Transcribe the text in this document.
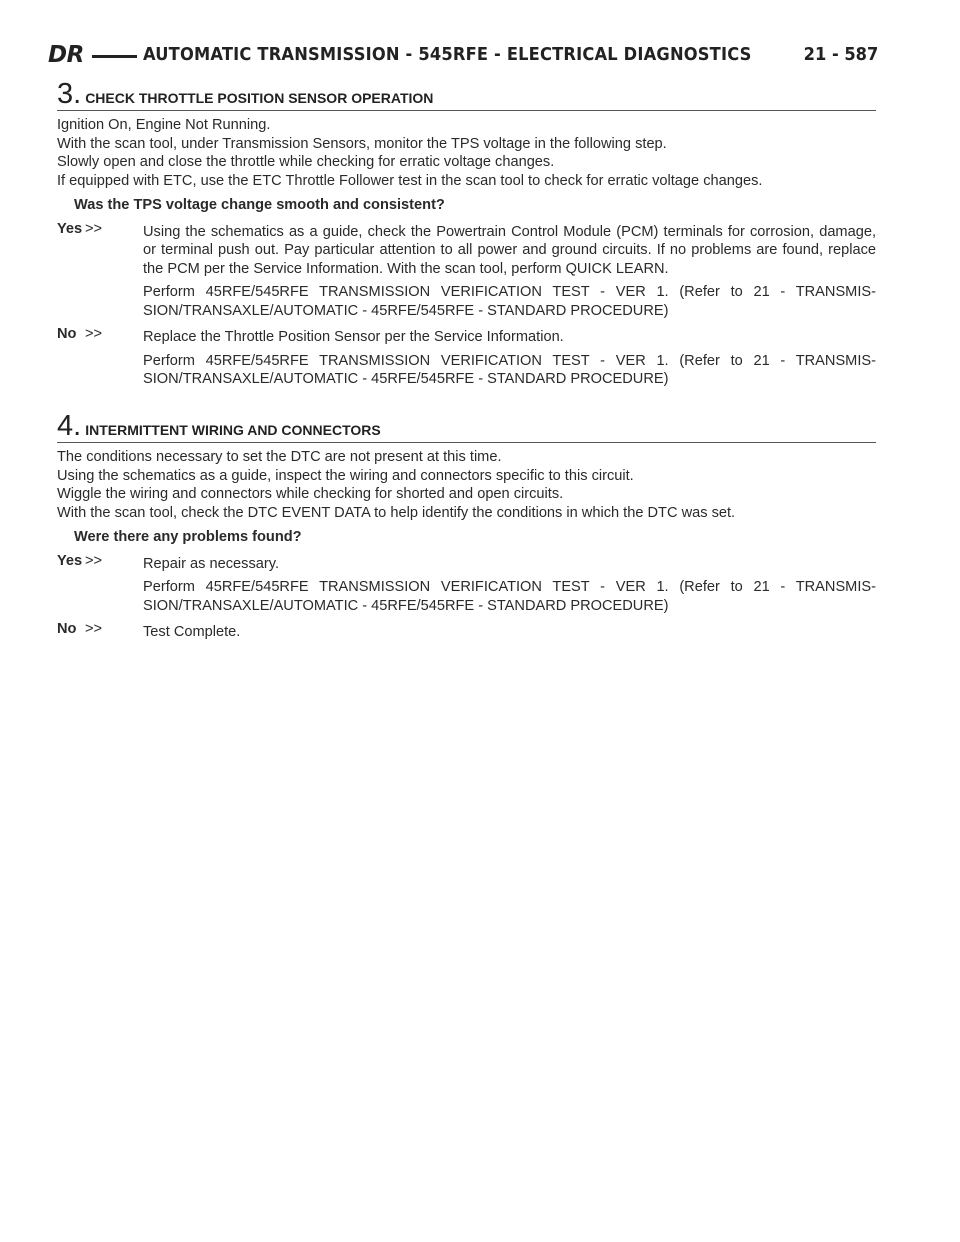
DR	AUTOMATIC TRANSMISSION - 545RFE - ELECTRICAL DIAGNOSTICS	21 - 587
3. CHECK THROTTLE POSITION SENSOR OPERATION

Ignition On, Engine Not Running.

With the scan tool, under Transmission Sensors, monitor the TPS voltage in the following step.

Slowly open and close the throttle while checking for erratic voltage changes.

If equipped with ETC, use the ETC Throttle Follower test in the scan tool to check for erratic voltage changes.

Was the TPS voltage change smooth and consistent?
Yes >>	Using the schematics as a guide, check the Powertrain Control Module (PCM) terminals for corrosion, damage, or terminal push out. Pay particular attention to all power and ground circuits. If no problems are found, replace the PCM per the Service Information. With the scan tool, perform QUICK LEARN.

Perform 45RFE/545RFE TRANSMISSION VERIFICATION TEST - VER 1. (Refer to 21 - TRANSMIS- SION/TRANSAXLE/AUTOMATIC - 45RFE/545RFE - STANDARD PROCEDURE)

No >>	Replace the Throttle Position Sensor per the Service Information.

Perform 45RFE/545RFE TRANSMISSION VERIFICATION TEST - VER 1. (Refer to 21 - TRANSMIS- SION/TRANSAXLE/AUTOMATIC - 45RFE/545RFE - STANDARD PROCEDURE)

4. INTERMITTENT WIRING AND CONNECTORS

The conditions necessary to set the DTC are not present at this time.

Using the schematics as a guide, inspect the wiring and connectors specific to this circuit.

Wiggle the wiring and connectors while checking for shorted and open circuits.

With the scan tool, check the DTC EVENT DATA to help identify the conditions in which the DTC was set.

Were there any problems found?
Yes >>	Repair as necessary.

Perform 45RFE/545RFE TRANSMISSION VERIFICATION TEST - VER 1. (Refer to 21 - TRANSMIS- SION/TRANSAXLE/AUTOMATIC - 45RFE/545RFE - STANDARD PROCEDURE)

No >>	Test Complete.
